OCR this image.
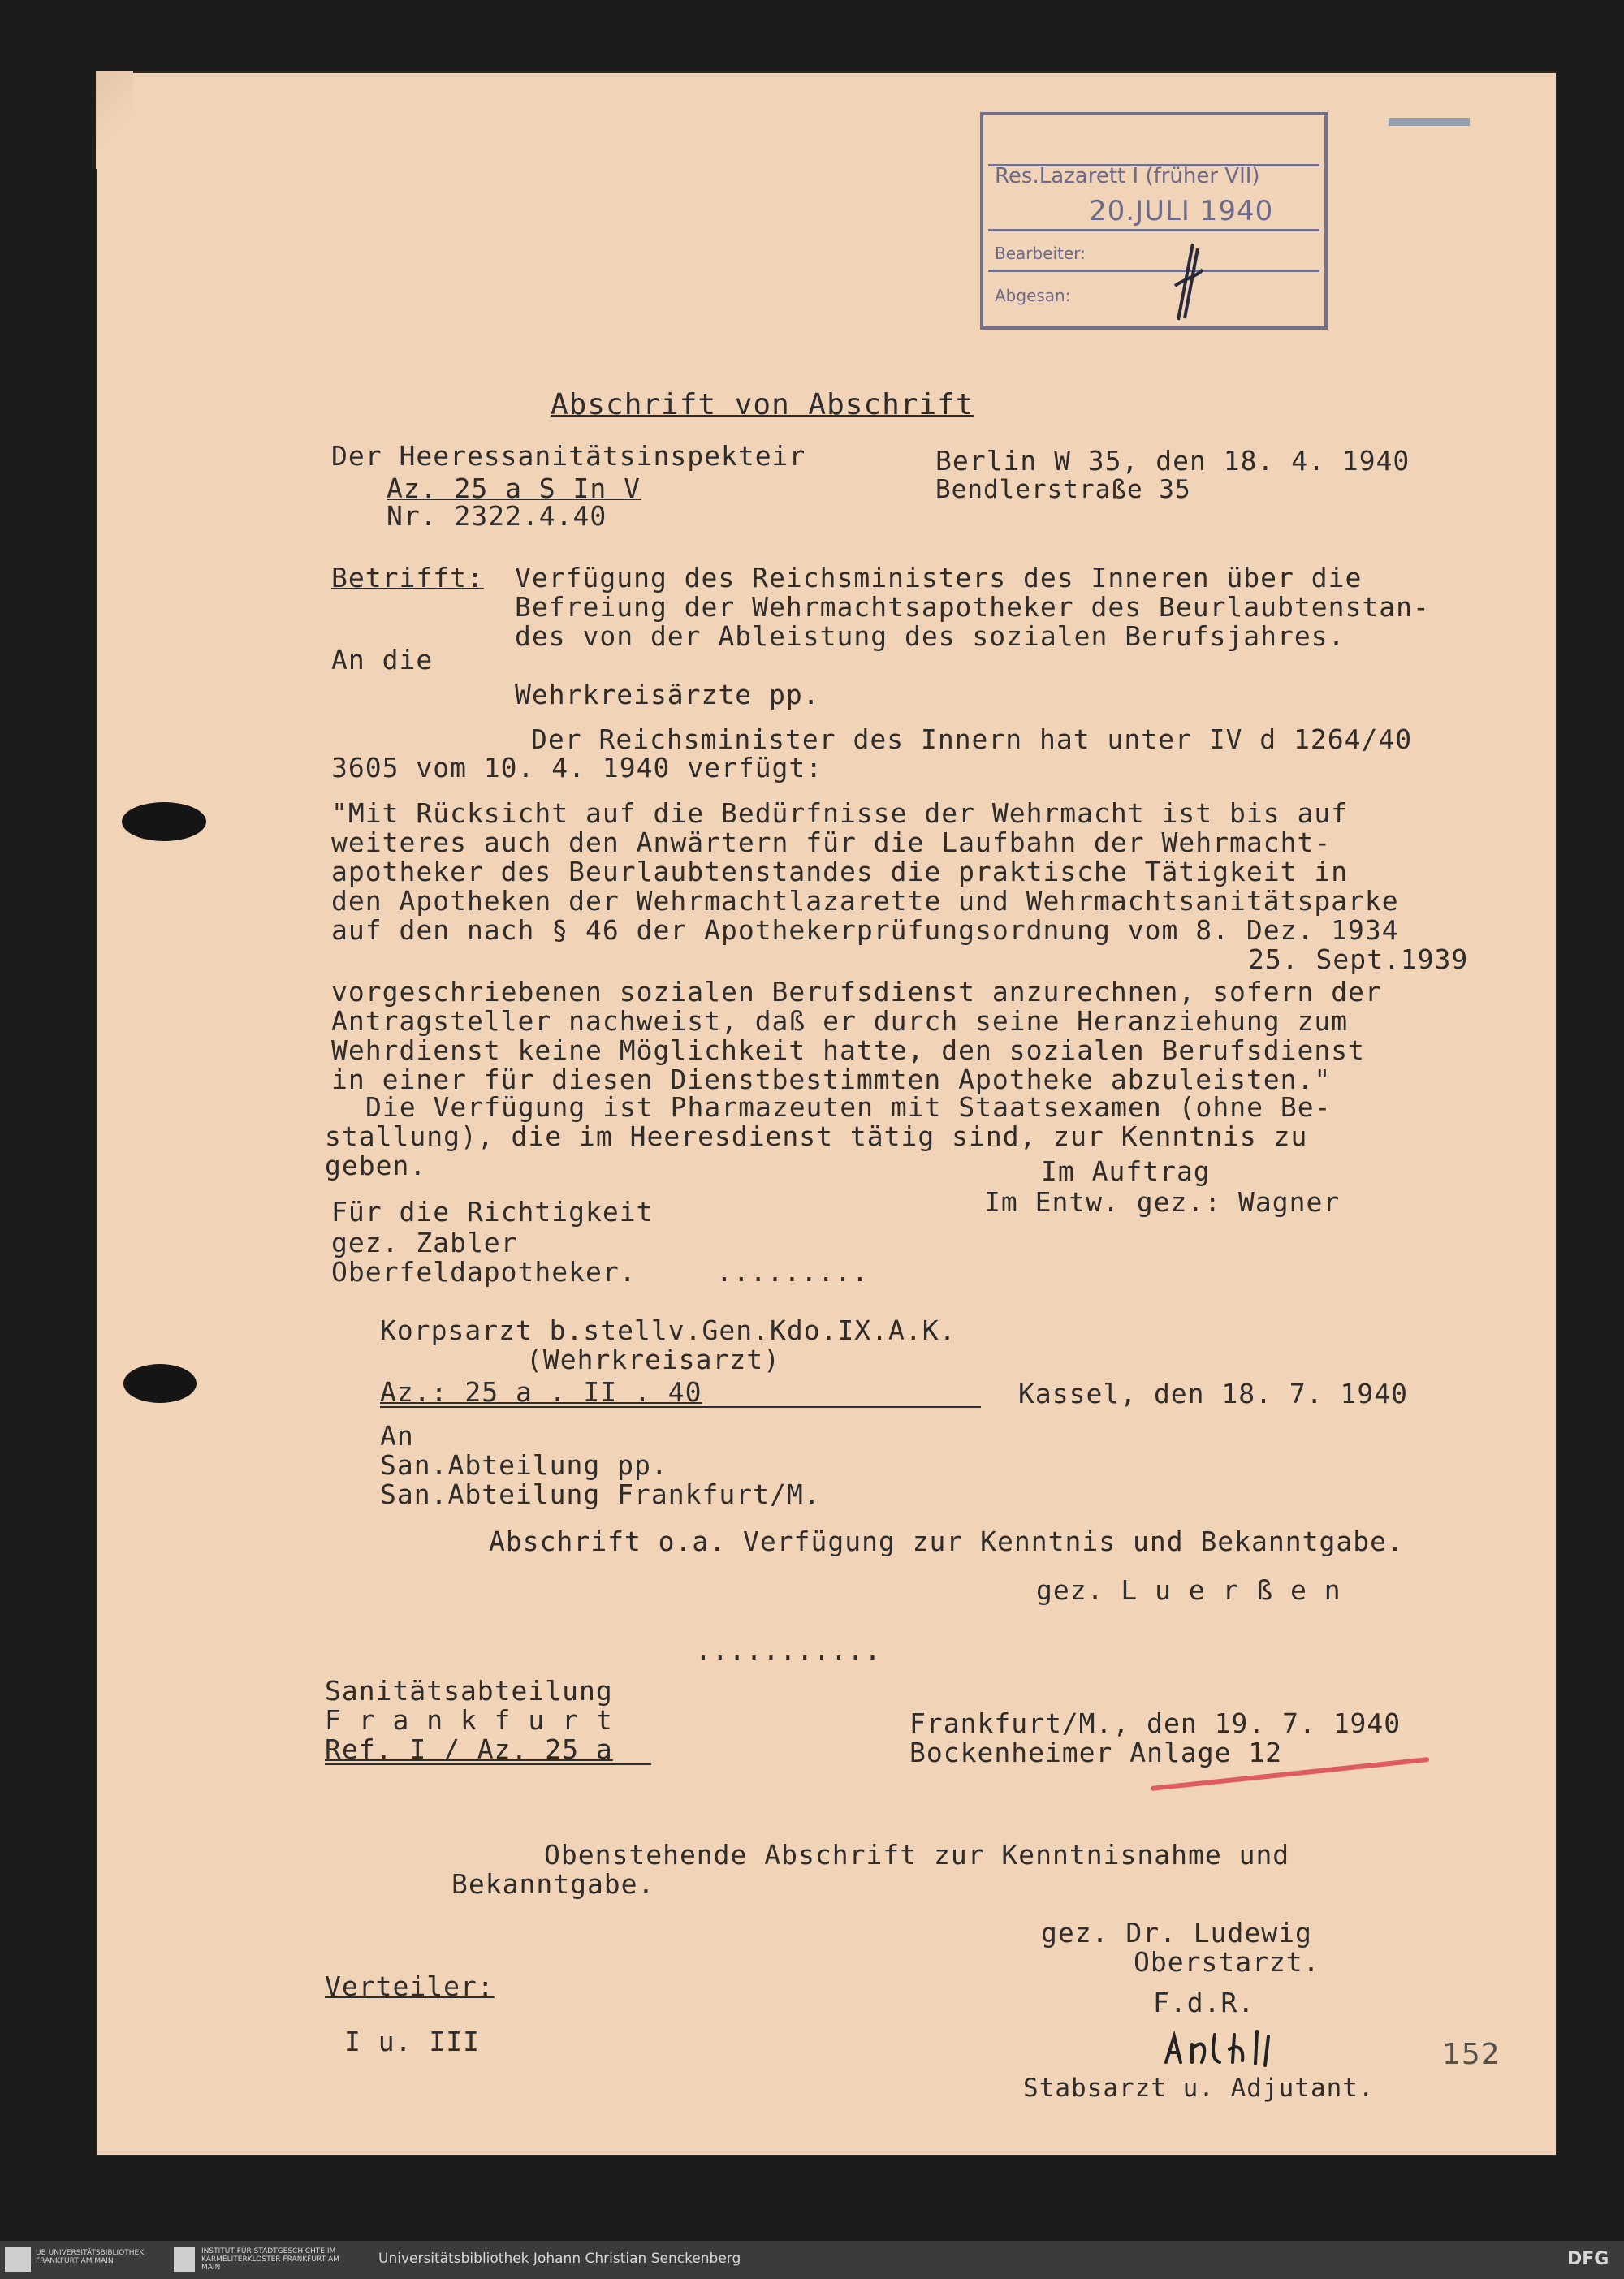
Res.Lazarett I (früher VII)
20.JULI 1940
Bearbeiter:
Abgesan:
Abschrift von Abschrift
Der Heeressanitätsinspekteir
Az. 25 a S In V
Nr. 2322.4.40
Berlin W 35, den 18. 4. 1940
Bendlerstraße 35
Betrifft: Verfügung des Reichsministers des Inneren über die
Befreiung der Wehrmachtsapotheker des Beurlaubtenstan-
des von der Ableistung des sozialen Berufsjahres.
An die
Wehrkreisärzte pp.
Der Reichsminister des Innern hat unter IV d 1264/40
3605 vom 10. 4. 1940 verfügt:
"Mit Rücksicht auf die Bedürfnisse der Wehrmacht ist bis auf
weiteres auch den Anwärtern für die Laufbahn der Wehrmacht-
apotheker des Beurlaubtenstandes die praktische Tätigkeit in
den Apotheken der Wehrmachtlazarette und Wehrmachtsanitätsparke
auf den nach § 46 der Apothekerprüfungsordnung vom 8. Dez. 1934
25. Sept.1939
vorgeschriebenen sozialen Berufsdienst anzurechnen, sofern der
Antragsteller nachweist, daß er durch seine Heranziehung zum
Wehrdienst keine Möglichkeit hatte, den sozialen Berufsdienst
in einer für diesen Dienstbestimmten Apotheke abzuleisten."
Die Verfügung ist Pharmazeuten mit Staatsexamen (ohne Be-
stallung), die im Heeresdienst tätig sind, zur Kenntnis zu
geben.	Im Auftrag
Im Entw. gez.: Wagner
Für die Richtigkeit
gez. Zabler
Oberfeldapotheker.	.........
Korpsarzt b.stellv.Gen.Kdo.IX.A.K.
(Wehrkreisarzt)
Az.: 25 a . II . 40	Kassel, den 18. 7. 1940
An
San.Abteilung pp.
San.Abteilung Frankfurt/M.
Abschrift o.a. Verfügung zur Kenntnis und Bekanntgabe.
gez. L u e r ß e n
...........
Sanitätsabteilung
F r a n k f u r t
Ref. I / Az. 25 a
Frankfurt/M., den 19. 7. 1940
Bockenheimer Anlage 12
Obenstehende Abschrift zur Kenntnisnahme und
Bekanntgabe.
gez. Dr. Ludewig
Oberstarzt.
Verteiler:
I u. III
F.d.R.
Stabsarzt u. Adjutant.
152
UB UNIVERSITÄTSBIBLIOTHEK FRANKFURT AM MAIN
INSTITUT FÜR STADTGESCHICHTE IM KARMELITERKLOSTER FRANKFURT AM MAIN
Universitätsbibliothek Johann Christian Senckenberg	DFG
